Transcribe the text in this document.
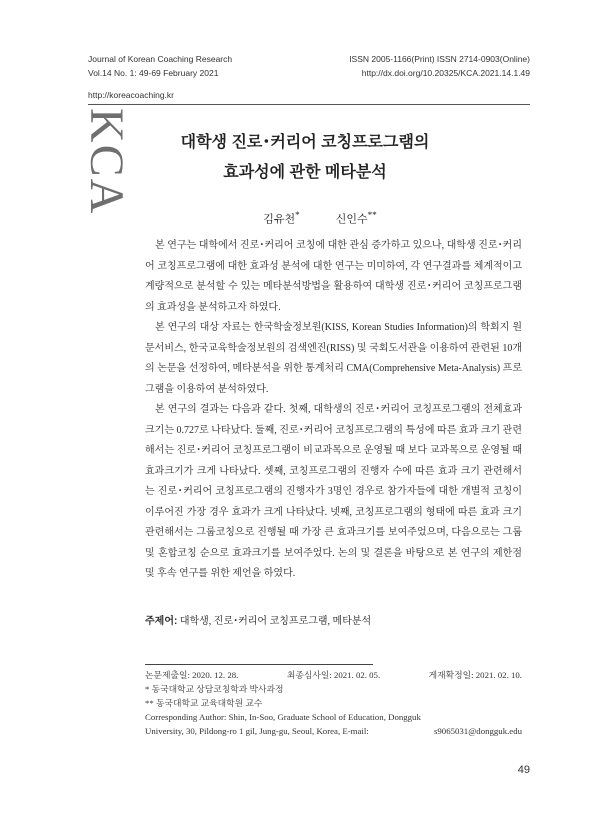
Journal of Korean Coaching Research
Vol.14 No. 1: 49-69 February 2021
ISSN 2005-1166(Print) ISSN 2714-0903(Online)
http://dx.doi.org/10.20325/KCA.2021.14.1.49
http://koreacoaching.kr
KCA	대학생 진로･커리어 코칭프로그램의
효과성에 관한 메타분석
김유천*	신인수**

본 연구는 대학에서 진로･커리어 코칭에 대한 관심 증가하고 있으나, 대학생 진로･커리어 코칭프로그램에 대한 효과성 분석에 대한 연구는 미미하여, 각 연구결과를 체계적이고 계량적으로 분석할 수 있는 메타분석방법을 활용하여 대학생 진로･커리어 코칭프로그램의 효과성을 분석하고자 하였다.

본 연구의 대상 자료는 한국학술정보원(KISS, Korean Studies Information)의 학회지 원문서비스, 한국교육학술정보원의 검색엔진(RISS) 및 국회도서관을 이용하여 관련된 10개의 논문을 선정하여, 메타분석을 위한 통계처리 CMA(Comprehensive Meta-Analysis) 프로그램을 이용하여 분석하였다.

본 연구의 결과는 다음과 같다. 첫째, 대학생의 진로･커리어 코칭프로그램의 전체효과 크기는 0.727로 나타났다. 둘째, 진로･커리어 코칭프로그램의 특성에 따른 효과 크기 관련해서는 진로･커리어 코칭프로그램이 비교과목으로 운영될 때 보다 교과목으로 운영될 때 효과크기가 크게 나타났다. 셋째, 코칭프로그램의 진행자 수에 따른 효과 크기 관련해서는 진로･커리어 코칭프로그램의 진행자가 3명인 경우로 참가자들에 대한 개별적 코칭이 이루어진 가장 경우 효과가 크게 나타났다. 넷째, 코칭프로그램의 형태에 따른 효과 크기관련해서는 그룹코칭으로 진행될 때 가장 큰 효과크기를 보여주었으며, 다음으로는 그룹 및 혼합코칭 순으로 효과크기를 보여주었다. 논의 및 결론을 바탕으로 본 연구의 제한점 및 후속 연구를 위한 제언을 하였다.

주제어: 대학생, 진로･커리어 코칭프로그램, 메타분석
논문제출일: 2020. 12. 28.	최종심사일: 2021. 02. 05.	게재확정일: 2021. 02. 10.
* 동국대학교 상담코칭학과 박사과정
** 동국대학교 교육대학원 교수
Corresponding Author: Shin, In-Soo, Graduate School of Education, Dongguk
University, 30, Pildong-ro 1 gil, Jung-gu, Seoul, Korea, E-mail:	s9065031@dongguk.edu
49
